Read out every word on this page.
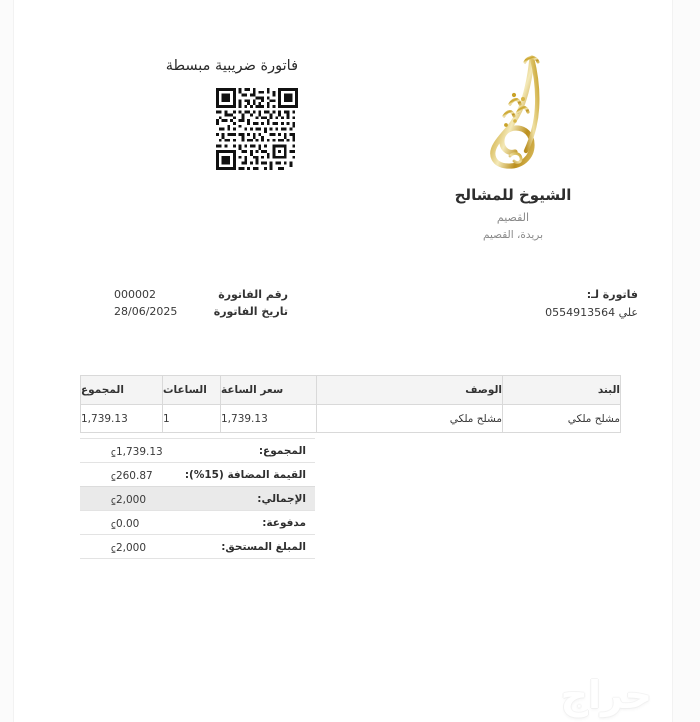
فاتورة ضريبية مبسطة
الشيوخ للمشالح
القصيم
بريدة، القصيم
رقم الفاتورة
000002
تاريخ الفاتورة
28/06/2025
فاتورة لـ:
علي 0554913564
البند	الوصف	سعر الساعة	الساعات	المجموع
مشلح ملكي	مشلح ملكي	1,739.13	1	1,739.13
المجموع:
⃀1,739.13
القيمة المضافة (15%):
⃀260.87
الإجمالي:
⃀2,000
مدفوعة:
⃀0.00
المبلغ المستحق:
⃀2,000
حراج
